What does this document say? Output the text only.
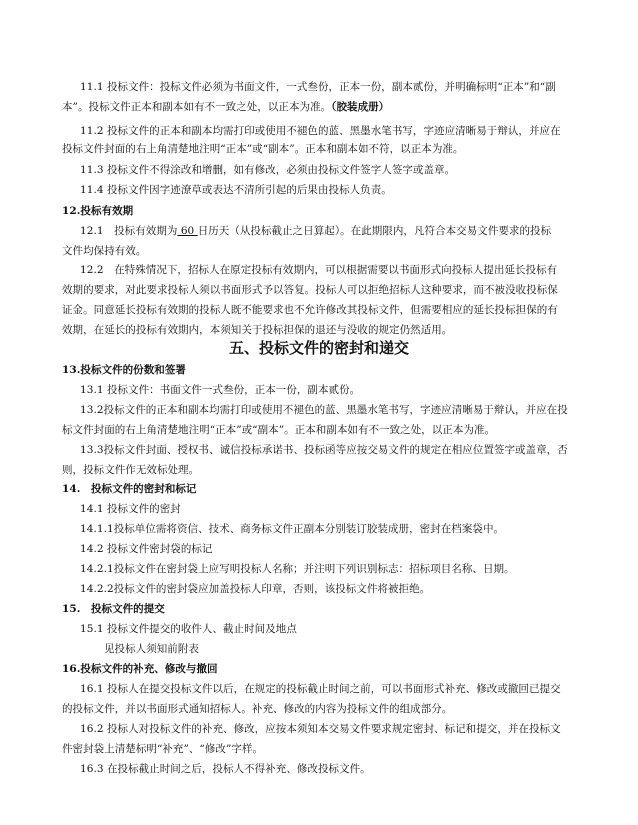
11.1 投标文件：投标文件必须为书面文件，一式叁份，正本一份，副本贰份，并明确标明“正本”和“副
本”。投标文件正本和副本如有不一致之处，以正本为准。（胶装成册）
11.2 投标文件的正本和副本均需打印或使用不褪色的蓝、黑墨水笔书写，字迹应清晰易于辩认，并应在
投标文件封面的右上角清楚地注明“正本”或“副本”。正本和副本如不符，以正本为准。
11.3 投标文件不得涂改和增删，如有修改，必须由投标文件签字人签字或盖章。
11.4 投标文件因字迹潦草或表达不清所引起的后果由投标人负责。
12.投标有效期
12.1　投标有效期为 60 日历天（从投标截止之日算起）。在此期限内，凡符合本交易文件要求的投标
文件均保持有效。
12.2　在特殊情况下，招标人在原定投标有效期内，可以根据需要以书面形式向投标人提出延长投标有
效期的要求，对此要求投标人须以书面形式予以答复。投标人可以拒绝招标人这种要求，而不被没收投标保
证金。同意延长投标有效期的投标人既不能要求也不允许修改其投标文件，但需要相应的延长投标担保的有
效期，在延长的投标有效期内，本须知关于投标担保的退还与没收的规定仍然适用。
五、投标文件的密封和递交
13.投标文件的份数和签署
13.1 投标文件：书面文件一式叁份，正本一份，副本贰份。
13.2投标文件的正本和副本均需打印或使用不褪色的蓝、黑墨水笔书写，字迹应清晰易于辩认，并应在投
标文件封面的右上角清楚地注明“正本”或“副本”。正本和副本如有不一致之处，以正本为准。
13.3投标文件封面、授权书、诚信投标承诺书、投标函等应按交易文件的规定在相应位置签字或盖章，否
则，投标文件作无效标处理。
14.　投标文件的密封和标记
14.1 投标文件的密封
14.1.1投标单位需将资信、技术、商务标文件正副本分别装订胶装成册，密封在档案袋中。
14.2 投标文件密封袋的标记
14.2.1投标文件在密封袋上应写明投标人名称；并注明下列识别标志：招标项目名称、日期。
14.2.2投标文件的密封袋应加盖投标人印章，否则，该投标文件将被拒绝。
15.　投标文件的提交
15.1 投标文件提交的收件人、截止时间及地点
见投标人须知前附表
16.投标文件的补充、修改与撤回
16.1 投标人在提交投标文件以后，在规定的投标截止时间之前，可以书面形式补充、修改或撤回已提交
的投标文件，并以书面形式通知招标人。补充、修改的内容为投标文件的组成部分。
16.2 投标人对投标文件的补充、修改，应按本须知本交易文件要求规定密封、标记和提交，并在投标文
件密封袋上清楚标明“补充”、“修改”字样。
16.3 在投标截止时间之后，投标人不得补充、修改投标文件。
